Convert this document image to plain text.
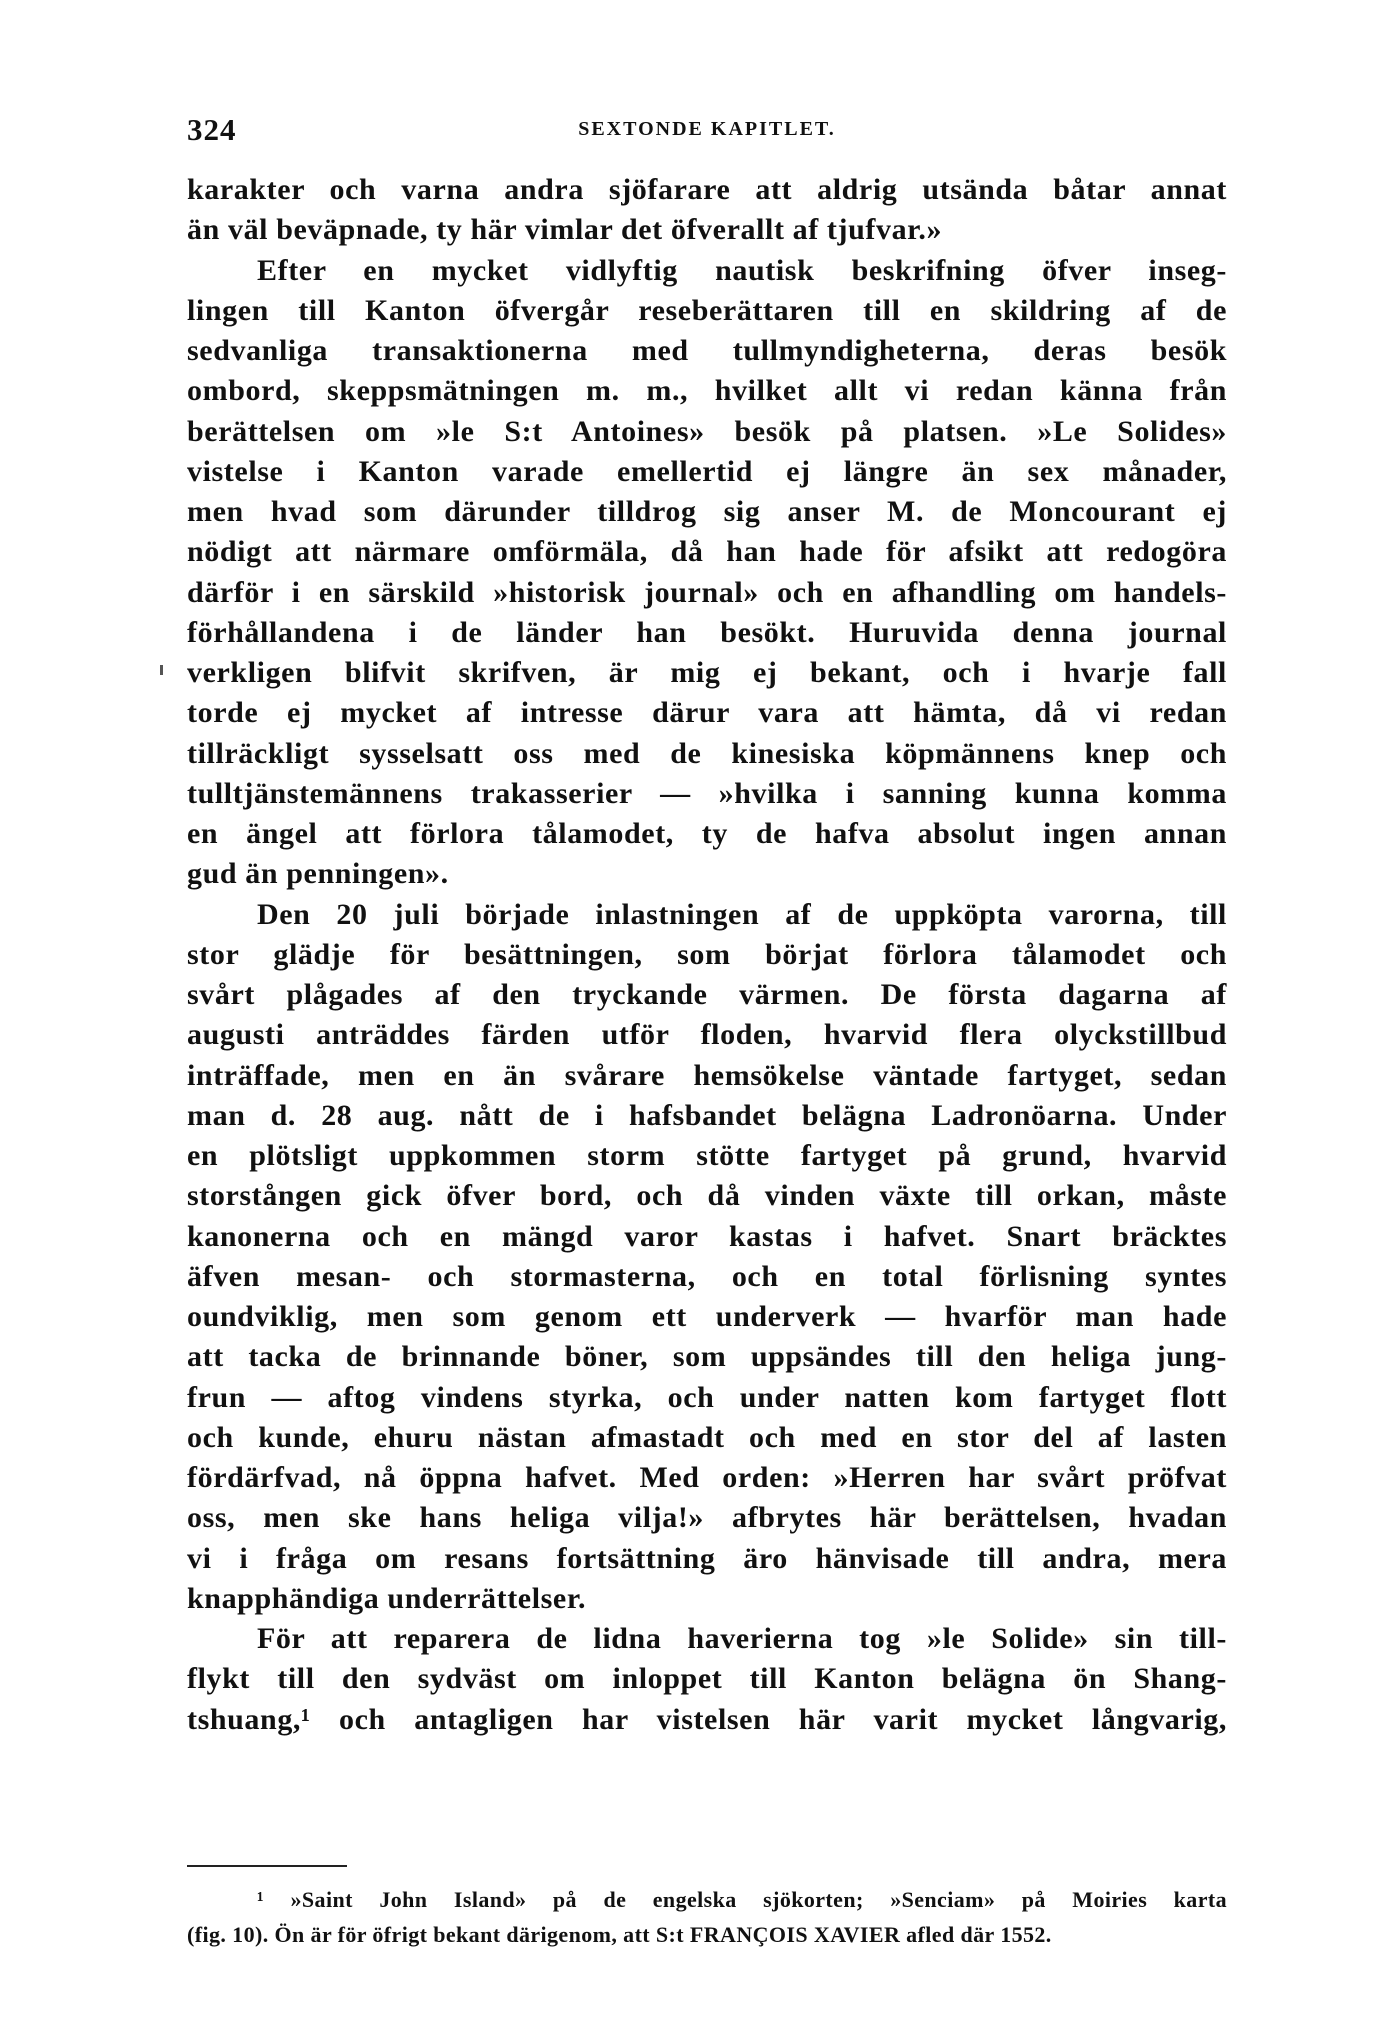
324	SEXTONDE KAPITLET.
karakter och varna andra sjöfarare att aldrig utsända båtar annat
än väl beväpnade, ty här vimlar det öfverallt af tjufvar.»
Efter en mycket vidlyftig nautisk beskrifning öfver inseg-
lingen till Kanton öfvergår reseberättaren till en skildring af de
sedvanliga transaktionerna med tullmyndigheterna, deras besök
ombord, skeppsmätningen m. m., hvilket allt vi redan känna från
berättelsen om »le S:t Antoines» besök på platsen. »Le Solides»
vistelse i Kanton varade emellertid ej längre än sex månader,
men hvad som därunder tilldrog sig anser M. de Moncourant ej
nödigt att närmare omförmäla, då han hade för afsikt att redogöra
därför i en särskild »historisk journal» och en afhandling om handels-
förhållandena i de länder han besökt. Huruvida denna journal
verkligen blifvit skrifven, är mig ej bekant, och i hvarje fall
torde ej mycket af intresse därur vara att hämta, då vi redan
tillräckligt sysselsatt oss med de kinesiska köpmännens knep och
tulltjänstemännens trakasserier — »hvilka i sanning kunna komma
en ängel att förlora tålamodet, ty de hafva absolut ingen annan
gud än penningen».
Den 20 juli började inlastningen af de uppköpta varorna, till
stor glädje för besättningen, som börjat förlora tålamodet och
svårt plågades af den tryckande värmen. De första dagarna af
augusti anträddes färden utför floden, hvarvid flera olyckstillbud
inträffade, men en än svårare hemsökelse väntade fartyget, sedan
man d. 28 aug. nått de i hafsbandet belägna Ladronöarna. Under
en plötsligt uppkommen storm stötte fartyget på grund, hvarvid
storstången gick öfver bord, och då vinden växte till orkan, måste
kanonerna och en mängd varor kastas i hafvet. Snart bräcktes
äfven mesan- och stormasterna, och en total förlisning syntes
oundviklig, men som genom ett underverk — hvarför man hade
att tacka de brinnande böner, som uppsändes till den heliga jung-
frun — aftog vindens styrka, och under natten kom fartyget flott
och kunde, ehuru nästan afmastadt och med en stor del af lasten
fördärfvad, nå öppna hafvet. Med orden: »Herren har svårt pröfvat
oss, men ske hans heliga vilja!» afbrytes här berättelsen, hvadan
vi i fråga om resans fortsättning äro hänvisade till andra, mera
knapphändiga underrättelser.
För att reparera de lidna haverierna tog »le Solide» sin till-
flykt till den sydväst om inloppet till Kanton belägna ön Shang-
tshuang,¹ och antagligen har vistelsen här varit mycket långvarig,
¹ »Saint John Island» på de engelska sjökorten; »Senciam» på Moiries karta
(fig. 10). Ön är för öfrigt bekant därigenom, att S:t FRANÇOIS XAVIER afled där 1552.
